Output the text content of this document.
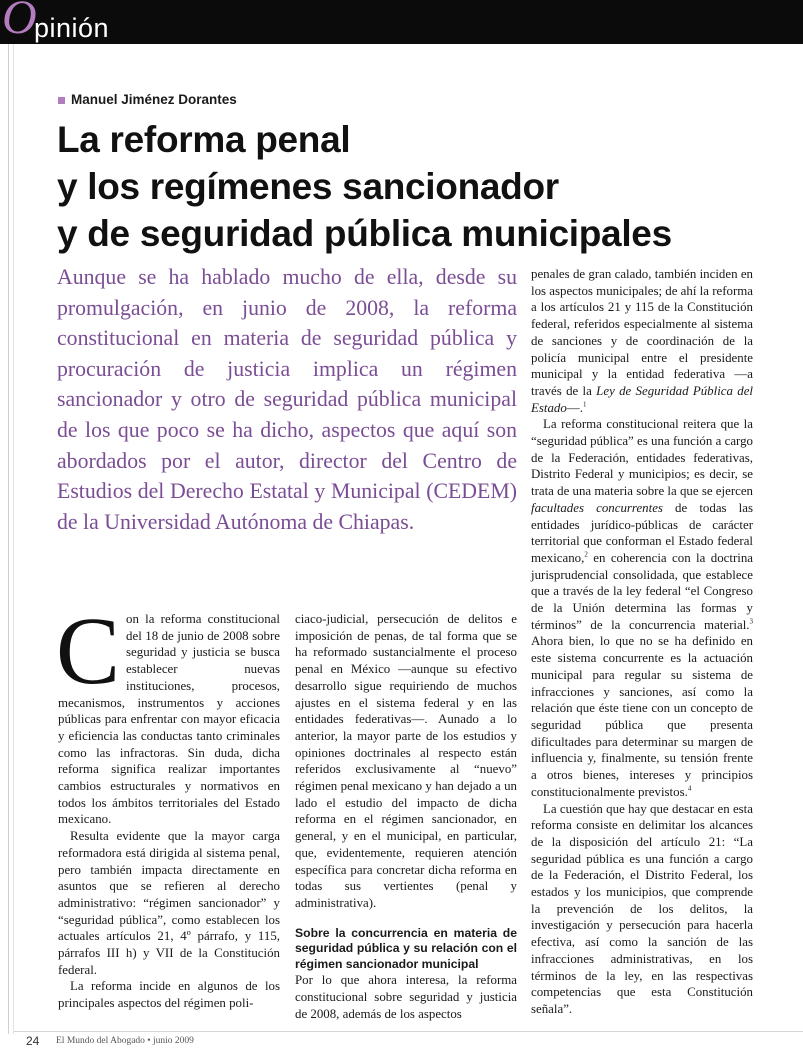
O
pinión
Manuel Jiménez Dorantes
La reforma penal
y los regímenes sancionador
y de seguridad pública municipales

Aunque se ha hablado mucho de ella, desde su promulgación, en junio de 2008, la reforma constitucional en materia de seguridad pública y procuración de justicia implica un régimen sancionador y otro de seguridad pública municipal de los que poco se ha dicho, aspectos que aquí son abordados por el autor, director del Centro de Estudios del Derecho Estatal y Municipal (CEDEM) de la Universidad Autónoma de Chiapas.

Con la reforma constitucional del 18 de junio de 2008 sobre seguridad y justicia se busca establecer nuevas instituciones, procesos, mecanismos, instrumentos y acciones públicas para enfrentar con mayor eficacia y eficiencia las conductas tanto criminales como las infractoras. Sin duda, dicha reforma significa realizar importantes cambios estructurales y normativos en todos los ámbitos territoriales del Estado mexicano.

Resulta evidente que la mayor carga reformadora está dirigida al sistema penal, pero también impacta directamente en asuntos que se refieren al derecho administrativo: “régimen sancionador” y “seguridad pública”, como establecen los actuales artículos 21, 4º párrafo, y 115, párrafos III h) y VII de la Constitución federal.

La reforma incide en algunos de los principales aspectos del régimen poli-

ciaco-judicial, persecución de delitos e imposición de penas, de tal forma que se ha reformado sustancialmente el proceso penal en México —aunque su efectivo desarrollo sigue requiriendo de muchos ajustes en el sistema federal y en las entidades federativas—. Aunado a lo anterior, la mayor parte de los estudios y opiniones doctrinales al respecto están referidos exclusivamente al “nuevo” régimen penal mexicano y han dejado a un lado el estudio del impacto de dicha reforma en el régimen sancionador, en general, y en el municipal, en particular, que, evidentemente, requieren atención específica para concretar dicha reforma en todas sus vertientes (penal y administrativa).

Sobre la concurrencia en materia de seguridad pública y su relación con el régimen sancionador municipal

Por lo que ahora interesa, la reforma constitucional sobre seguridad y justicia de 2008, además de los aspectos

penales de gran calado, también inciden en los aspectos municipales; de ahí la reforma a los artículos 21 y 115 de la Constitución federal, referidos especialmente al sistema de sanciones y de coordinación de la policía municipal entre el presidente municipal y la entidad federativa —a través de la Ley de Seguridad Pública del Estado—.$^1$

La reforma constitucional reitera que la “seguridad pública” es una función a cargo de la Federación, entidades federativas, Distrito Federal y municipios; es decir, se trata de una materia sobre la que se ejercen facultades concurrentes de todas las entidades jurídico-públicas de carácter territorial que conforman el Estado federal mexicano,$^2$ en coherencia con la doctrina jurisprudencial consolidada, que establece que a través de la ley federal “el Congreso de la Unión determina las formas y términos” de la concurrencia material.$^3$ Ahora bien, lo que no se ha definido en este sistema concurrente es la actuación municipal para regular su sistema de infracciones y sanciones, así como la relación que éste tiene con un concepto de seguridad pública que presenta dificultades para determinar su margen de influencia y, finalmente, su tensión frente a otros bienes, intereses y principios constitucionalmente previstos.$^4$

La cuestión que hay que destacar en esta reforma consiste en delimitar los alcances de la disposición del artículo 21: “La seguridad pública es una función a cargo de la Federación, el Distrito Federal, los estados y los municipios, que comprende la prevención de los delitos, la investigación y persecución para hacerla efectiva, así como la sanción de las infracciones administrativas, en los términos de la ley, en las respectivas competencias que esta Constitución señala”.

24 El Mundo del Abogado • junio 2009
